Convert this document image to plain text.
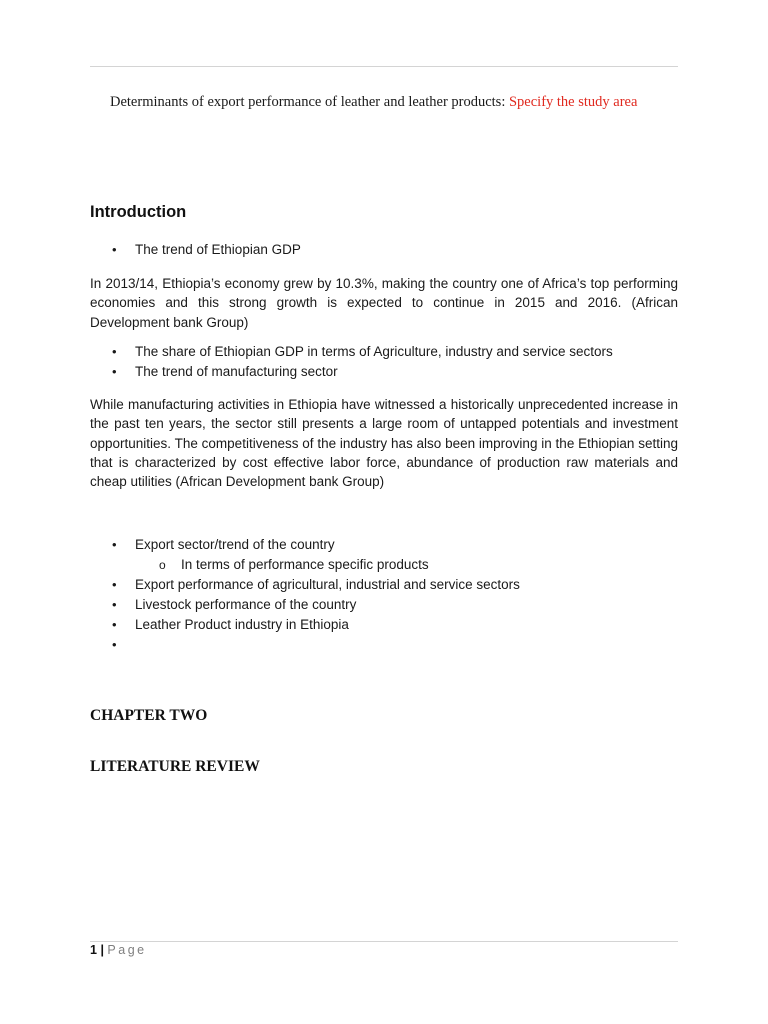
Determinants of export performance of leather and leather products: Specify the study area

Introduction
• The trend of Ethiopian GDP

In 2013/14, Ethiopia’s economy grew by 10.3%, making the country one of Africa’s top performing economies and this strong growth is expected to continue in 2015 and 2016. (African Development bank Group)

• The share of Ethiopian GDP in terms of Agriculture, industry and service sectors
• The trend of manufacturing sector

While manufacturing activities in Ethiopia have witnessed a historically unprecedented increase in the past ten years, the sector still presents a large room of untapped potentials and investment opportunities. The competitiveness of the industry has also been improving in the Ethiopian setting that is characterized by cost effective labor force, abundance of production raw materials and cheap utilities (African Development bank Group)

• Export sector/trend of the country
o In terms of performance specific products
• Export performance of agricultural, industrial and service sectors
• Livestock performance of the country
• Leather Product industry in Ethiopia
•
CHAPTER TWO
LITERATURE REVIEW
1 | Page
